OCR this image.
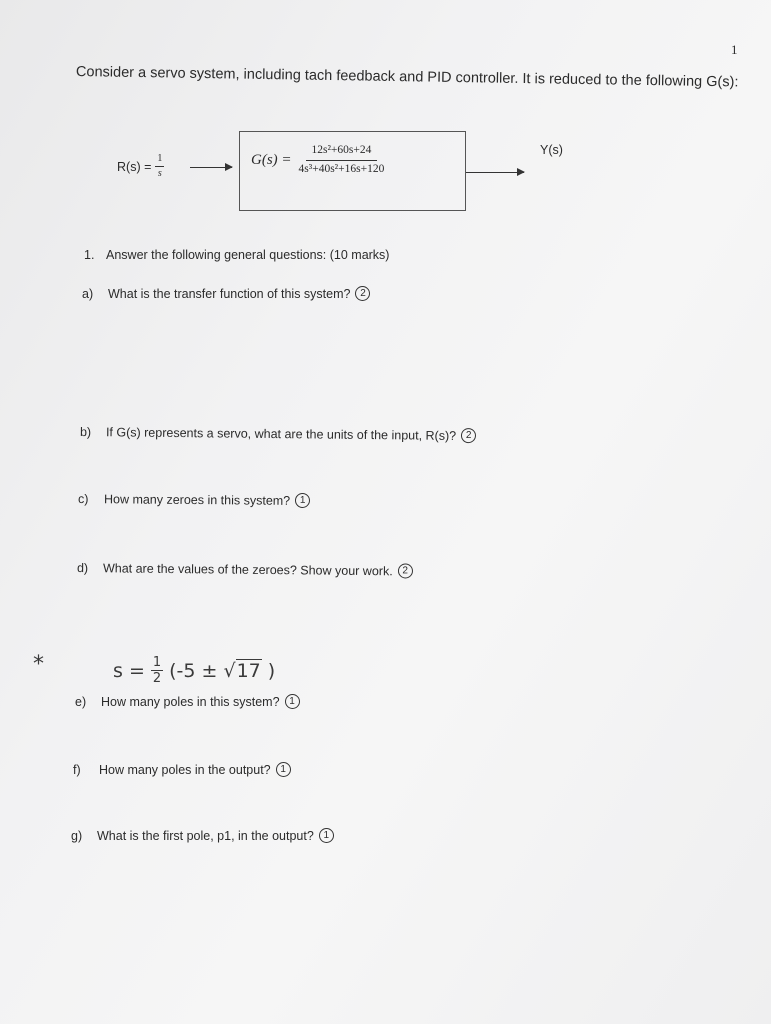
1
Consider a servo system, including tach feedback and PID controller. It is reduced to the following G(s):
$R(s) = \frac{1}{s}$	$G(s) = \frac{\text{12s²+60s+24}}{\text{4s³+40s²+16s+120}}$	Y(s)
1. Answer the following general questions: (10 marks)
a)	What is the transfer function of this system? 2
b)	If G(s) represents a servo, what are the units of the input, R(s)? 2
c)	How many zeroes in this system? 1
d)	What are the values of the zeroes? Show your work. 2
*	$s = \frac{1}{2} (-5$ ± √ 17 )
e)	How many poles in this system? 1
f)	How many poles in the output? 1
g)	What is the first pole, p1, in the output? 1
